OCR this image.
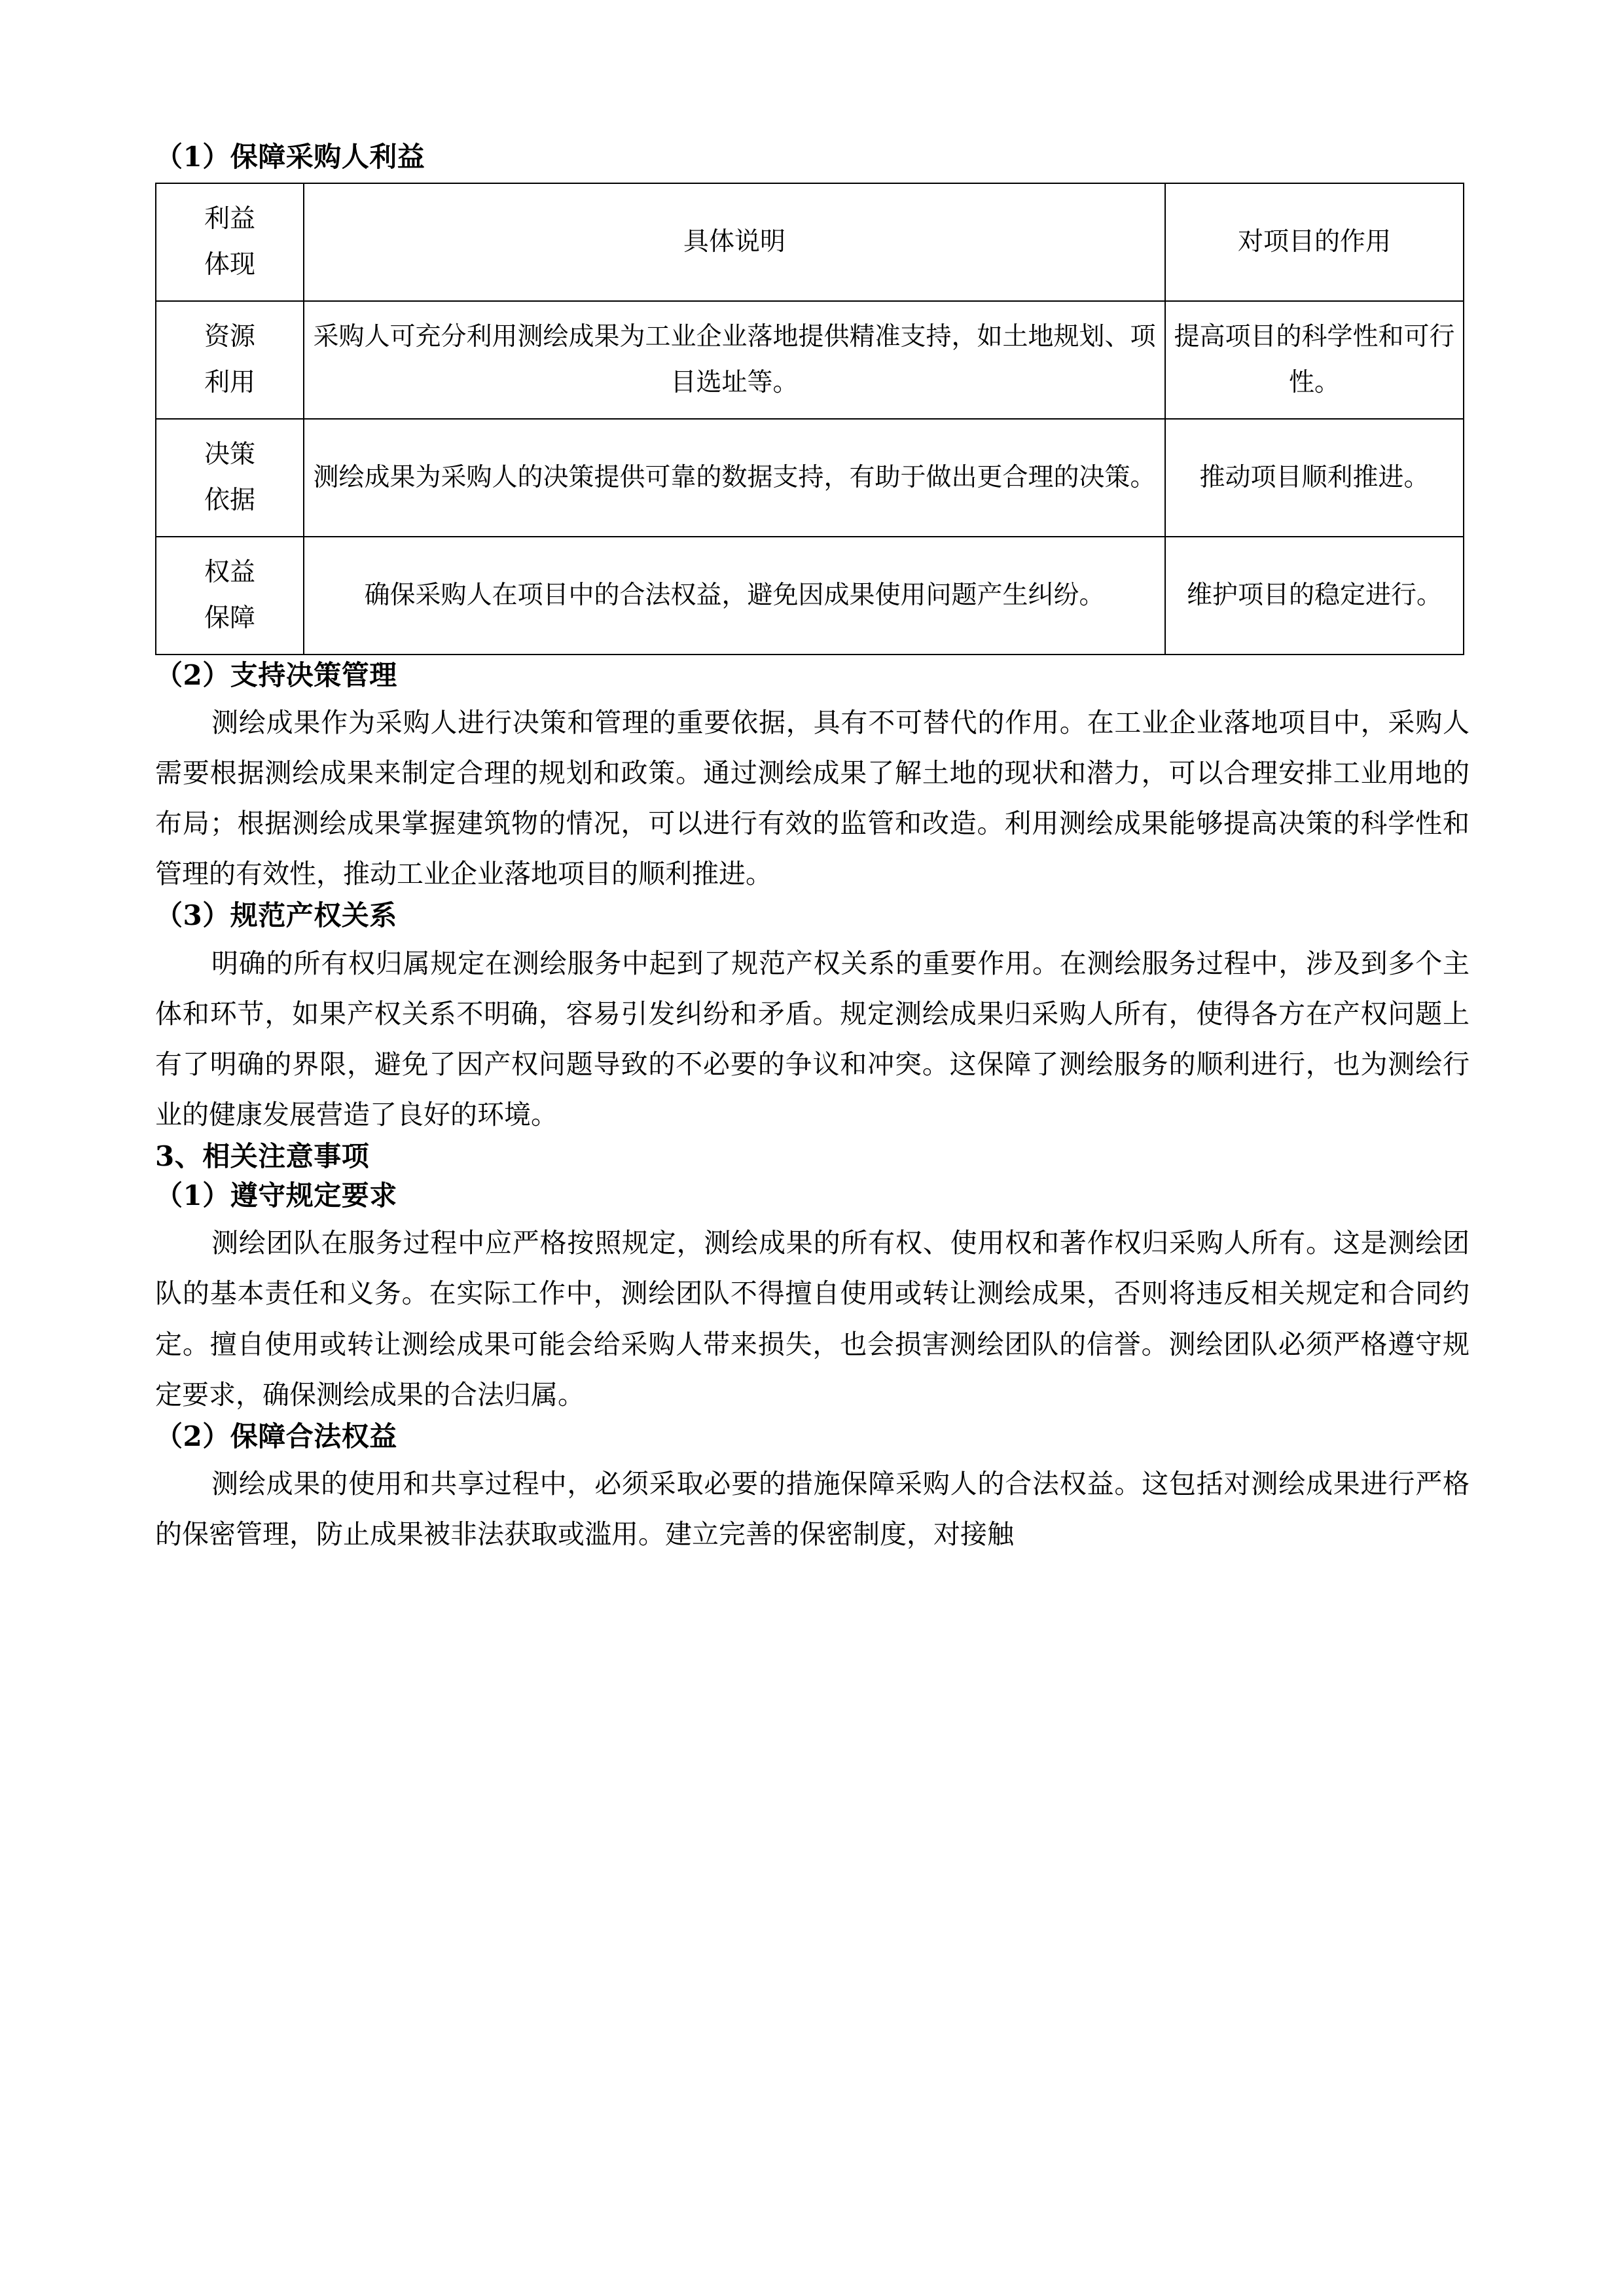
（1）保障采购人利益
利益
体现	具体说明	对项目的作用

资源
利用	采购人可充分利用测绘成果为工业企业落地提供精准支持，如土地规划、项目选址等。	提高项目的科学性和可行性。

决策
依据	测绘成果为采购人的决策提供可靠的数据支持，有助于做出更合理的决策。	推动项目顺利推进。

权益
保障	确保采购人在项目中的合法权益，避免因成果使用问题产生纠纷。	维护项目的稳定进行。
（2）支持决策管理

测绘成果作为采购人进行决策和管理的重要依据，具有不可替代的作用。在工业企业落地项目中，采购人需要根据测绘成果来制定合理的规划和政策。通过测绘成果了解土地的现状和潜力，可以合理安排工业用地的布局；根据测绘成果掌握建筑物的情况，可以进行有效的监管和改造。利用测绘成果能够提高决策的科学性和管理的有效性，推动工业企业落地项目的顺利推进。

（3）规范产权关系

明确的所有权归属规定在测绘服务中起到了规范产权关系的重要作用。在测绘服务过程中，涉及到多个主体和环节，如果产权关系不明确，容易引发纠纷和矛盾。规定测绘成果归采购人所有，使得各方在产权问题上有了明确的界限，避免了因产权问题导致的不必要的争议和冲突。这保障了测绘服务的顺利进行，也为测绘行业的健康发展营造了良好的环境。

3、相关注意事项
（1）遵守规定要求

测绘团队在服务过程中应严格按照规定，测绘成果的所有权、使用权和著作权归采购人所有。这是测绘团队的基本责任和义务。在实际工作中，测绘团队不得擅自使用或转让测绘成果，否则将违反相关规定和合同约定。擅自使用或转让测绘成果可能会给采购人带来损失，也会损害测绘团队的信誉。测绘团队必须严格遵守规定要求，确保测绘成果的合法归属。

（2）保障合法权益

测绘成果的使用和共享过程中，必须采取必要的措施保障采购人的合法权益。这包括对测绘成果进行严格的保密管理，防止成果被非法获取或滥用。建立完善的保密制度，对接触
